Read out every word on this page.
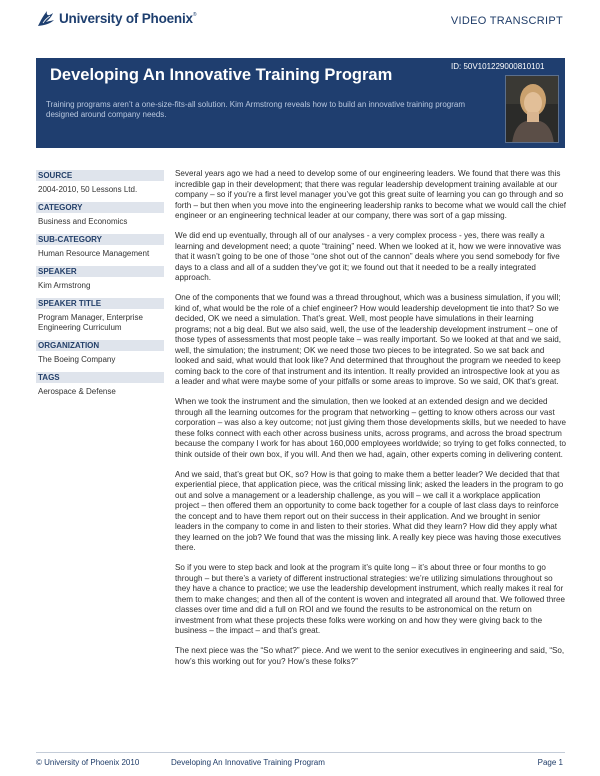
University of Phoenix®
VIDEO TRANSCRIPT
Developing An Innovative Training Program	ID: 50V101229000810101
Training programs aren’t a one-size-fits-all solution. Kim Armstrong reveals how to build an innovative training program designed around company needs.
SOURCE
2004-2010, 50 Lessons Ltd.
CATEGORY
Business and Economics
SUB-CATEGORY
Human Resource Management
SPEAKER
Kim Armstrong
SPEAKER TITLE
Program Manager, Enterprise Engineering Curriculum
ORGANIZATION
The Boeing Company
TAGS
Aerospace & Defense

Several years ago we had a need to develop some of our engineering leaders. We found that there was this incredible gap in their development; that there was regular leadership development training available at our company – so if you’re a first level manager you’ve got this great suite of learning you can go through and so forth – but then when you move into the engineering leadership ranks to become what we would call the chief engineer or an engineering technical leader at our company, there was sort of a gap missing.

We did end up eventually, through all of our analyses - a very complex process - yes, there was really a learning and development need; a quote “training” need. When we looked at it, how we were innovative was that it wasn’t going to be one of those “one shot out of the cannon” deals where you send somebody for five days to a class and all of a sudden they’ve got it; we found out that it needed to be a really integrated approach.

One of the components that we found was a thread throughout, which was a business simulation, if you will; kind of, what would be the role of a chief engineer? How would leadership development tie into that? So we decided, OK we need a simulation. That’s great. Well, most people have simulations in their learning programs; not a big deal. But we also said, well, the use of the leadership development instrument – one of those types of assessments that most people take – was really important. So we looked at that and we said, well, the simulation; the instrument; OK we need those two pieces to be integrated. So we sat back and looked and said, what would that look like? And determined that throughout the program we needed to keep coming back to the core of that instrument and its intention. It really provided an introspective look at you as a leader and what were maybe some of your pitfalls or some areas to improve. So we said, OK that’s great.

When we took the instrument and the simulation, then we looked at an extended design and we decided through all the learning outcomes for the program that networking – getting to know others across our vast corporation – was also a key outcome; not just giving them those developments skills, but we needed to have these folks connect with each other across business units, across programs, and across the broad spectrum because the company I work for has about 160,000 employees worldwide; so trying to get folks connected, to think outside of their own box, if you will. And then we had, again, other experts coming in delivering content.

And we said, that’s great but OK, so? How is that going to make them a better leader? We decided that that experiential piece, that application piece, was the critical missing link; asked the leaders in the program to go out and solve a management or a leadership challenge, as you will – we call it a workplace application project – then offered them an opportunity to come back together for a couple of last class days to reinforce the concept and to have them report out on their success in their application. And we brought in senior leaders in the company to come in and listen to their stories. What did they learn? How did they apply what they learned on the job? We found that was the missing link. A really key piece was having those executives there.

So if you were to step back and look at the program it’s quite long – it’s about three or four months to go through – but there’s a variety of different instructional strategies: we’re utilizing simulations throughout so they have a chance to practice; we use the leadership development instrument, which really makes it real for them to make changes; and then all of the content is woven and integrated all around that. We followed three classes over time and did a full on ROI and we found the results to be astronomical on the return on investment from what these projects these folks were working on and how they were giving back to the business – the impact – and that’s great.

The next piece was the “So what?” piece. And we went to the senior executives in engineering and said, “So, how’s this working out for you? How’s these folks?”

© University of Phoenix 2010	Developing An Innovative Training Program	Page 1
